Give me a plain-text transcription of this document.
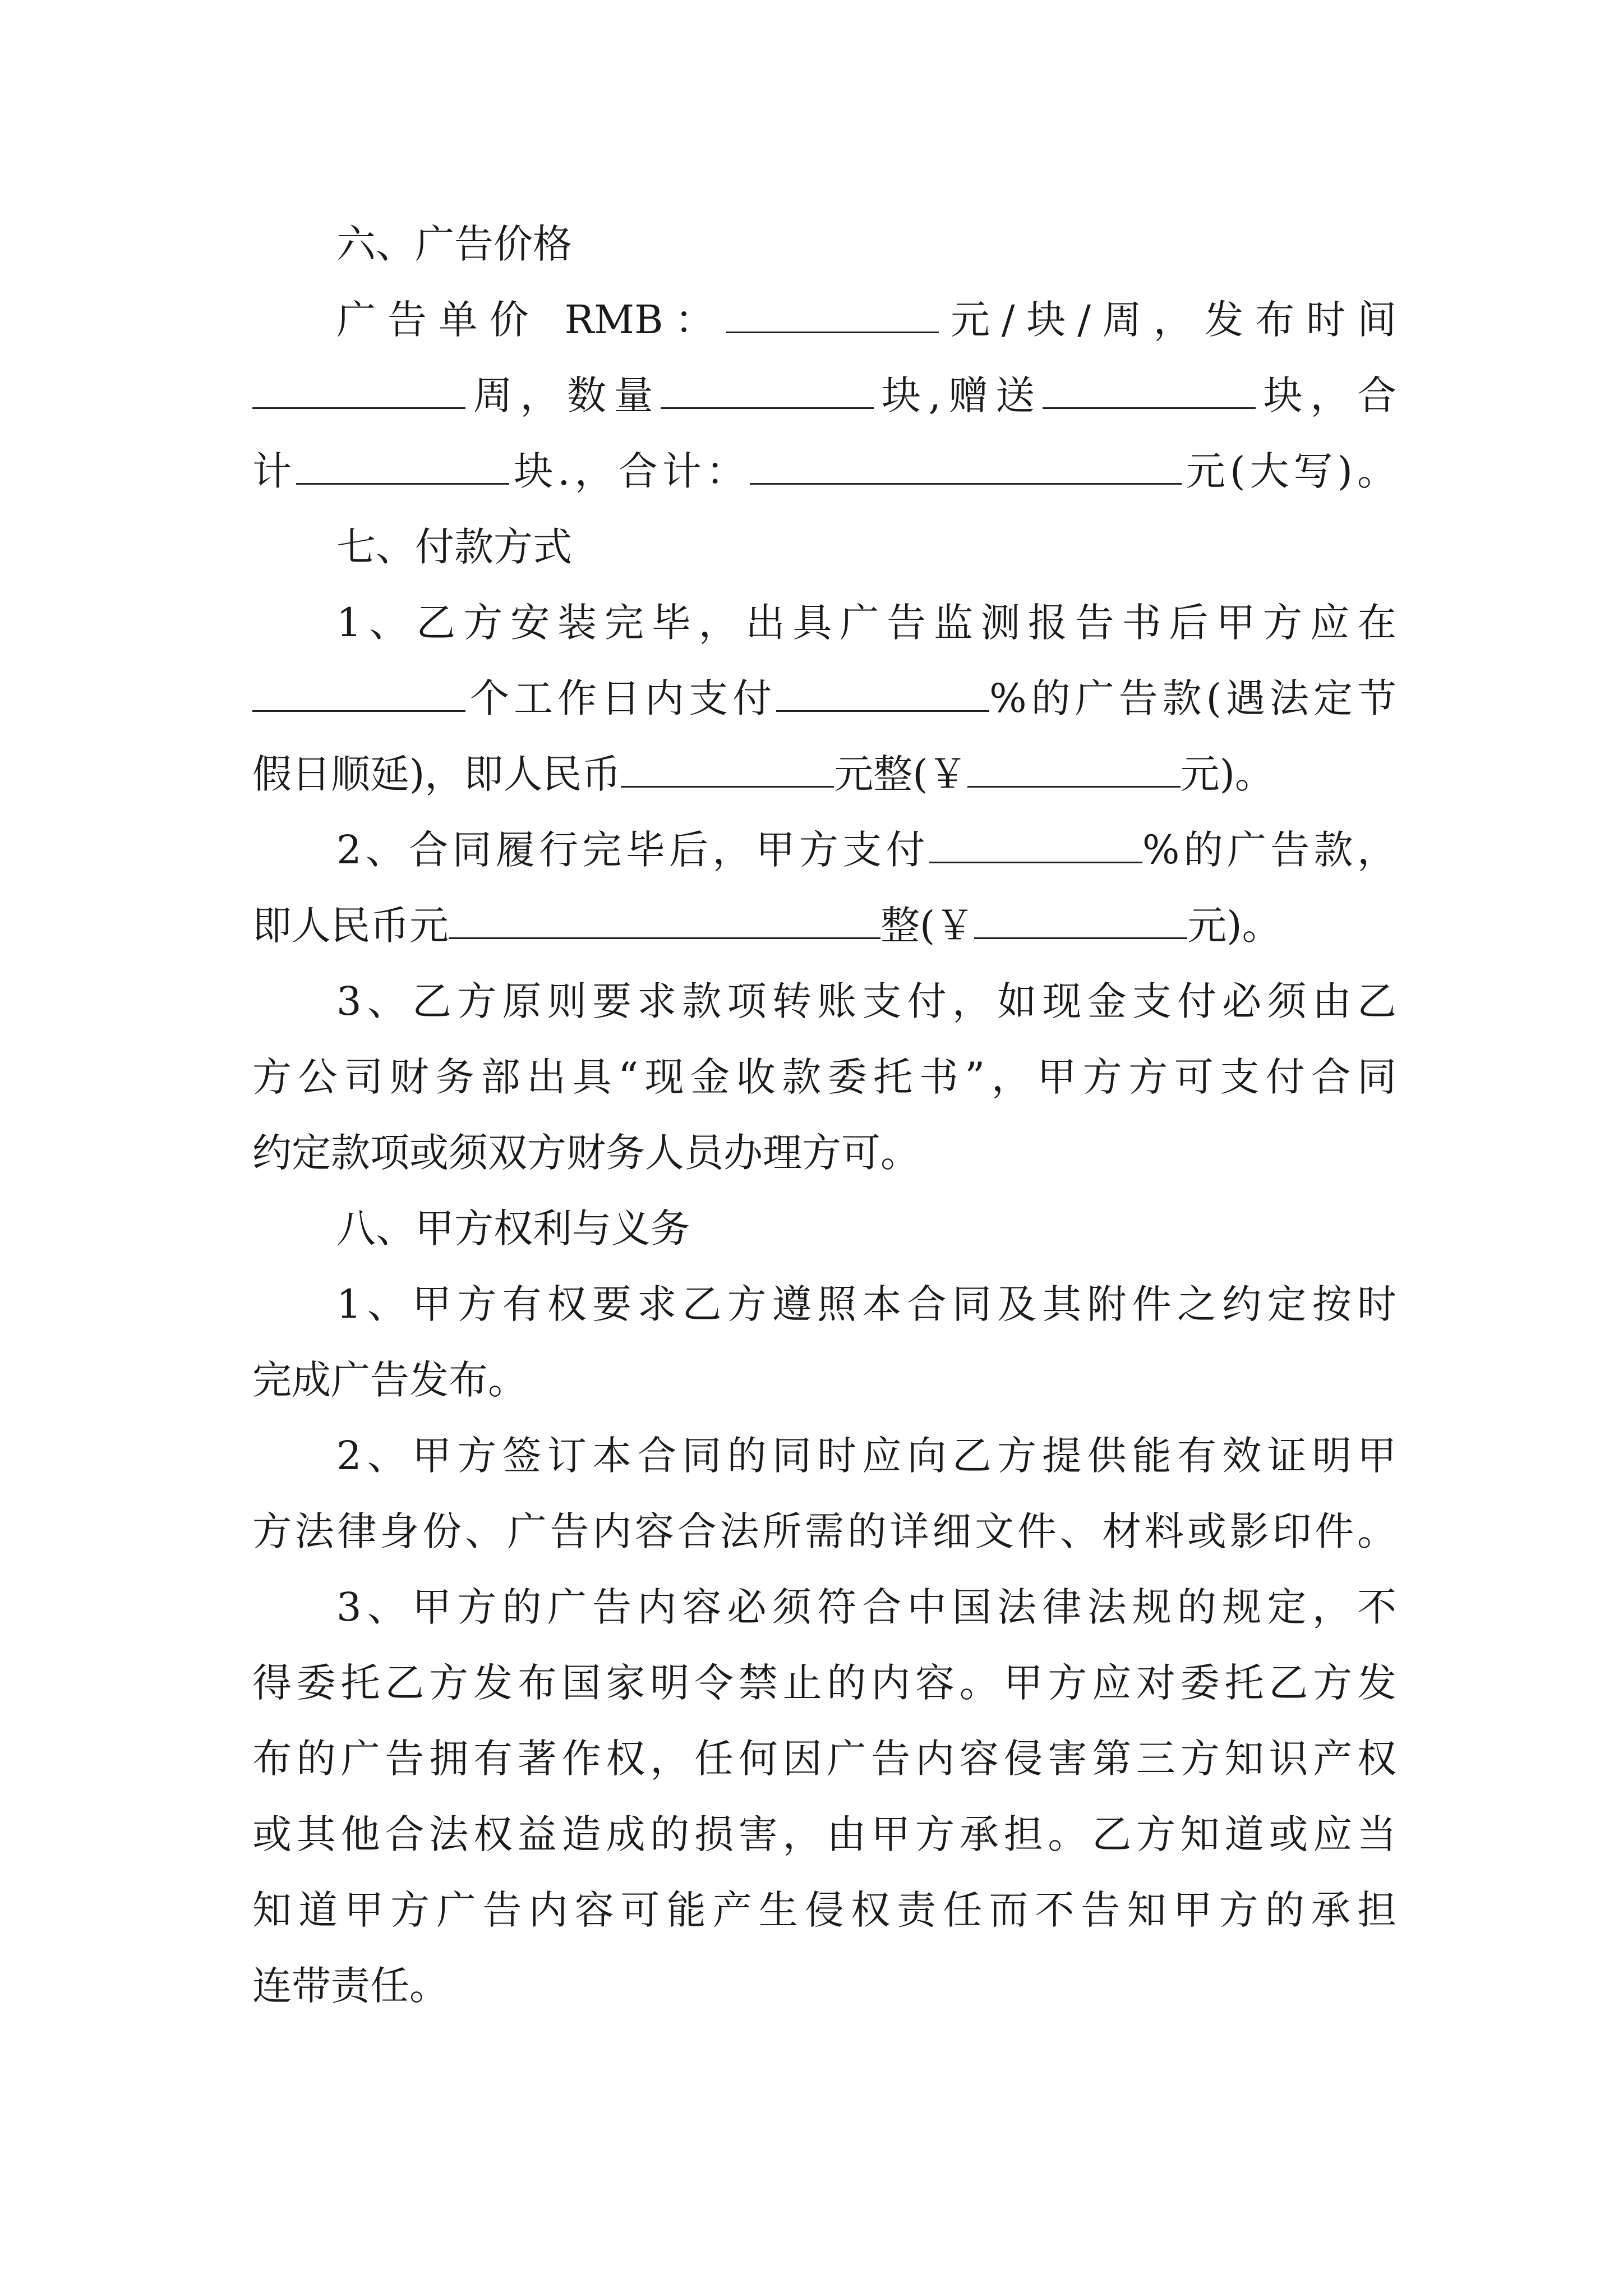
六、广告价格
广告单价 RMB：	元/块/周，发布时间
周，数量	块,赠送	块，合
计	块.，合计：	元(大写)。
七、付款方式
1、乙方安装完毕，出具广告监测报告书后甲方应在
个工作日内支付	%的广告款(遇法定节
假日顺延)，即人民币	元整(￥	元)。
2、合同履行完毕后，甲方支付	%的广告款，
即人民币元	整(￥	元)。
3、乙方原则要求款项转账支付，如现金支付必须由乙
方公司财务部出具“现金收款委托书”，甲方方可支付合同
约定款项或须双方财务人员办理方可。
八、甲方权利与义务
1、甲方有权要求乙方遵照本合同及其附件之约定按时
完成广告发布。
2、甲方签订本合同的同时应向乙方提供能有效证明甲
方法律身份、广告内容合法所需的详细文件、材料或影印件。
3、甲方的广告内容必须符合中国法律法规的规定，不
得委托乙方发布国家明令禁止的内容。甲方应对委托乙方发
布的广告拥有著作权，任何因广告内容侵害第三方知识产权
或其他合法权益造成的损害，由甲方承担。乙方知道或应当
知道甲方广告内容可能产生侵权责任而不告知甲方的承担
连带责任。
